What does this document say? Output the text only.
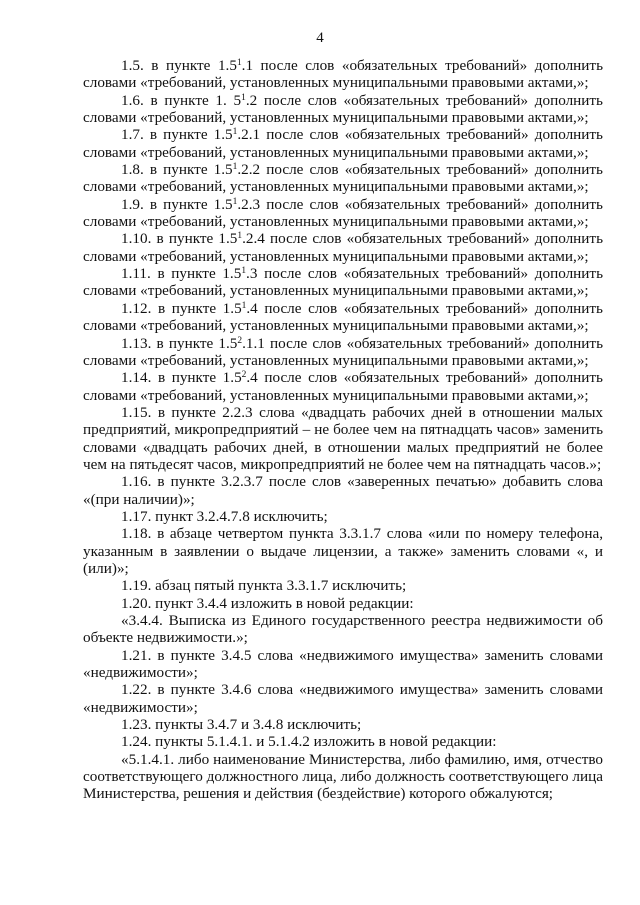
4

1.5. в пункте $1.5^1.1$ после слов «обязательных требований» дополнить словами «требований, установленных муниципальными правовыми актами,»;

1.6. в пункте 1. $5^1.2$ после слов «обязательных требований» дополнить словами «требований, установленных муниципальными правовыми актами,»;

1.7. в пункте $1.5^1.2.1$ после слов «обязательных требований» дополнить словами «требований, установленных муниципальными правовыми актами,»;

1.8. в пункте $1.5^1.2.2$ после слов «обязательных требований» дополнить словами «требований, установленных муниципальными правовыми актами,»;

1.9. в пункте $1.5^1.2.3$ после слов «обязательных требований» дополнить словами «требований, установленных муниципальными правовыми актами,»;

1.10. в пункте $1.5^1.2.4$ после слов «обязательных требований» дополнить словами «требований, установленных муниципальными правовыми актами,»;

1.11. в пункте $1.5^1.3$ после слов «обязательных требований» дополнить словами «требований, установленных муниципальными правовыми актами,»;

1.12. в пункте $1.5^1.4$ после слов «обязательных требований» дополнить словами «требований, установленных муниципальными правовыми актами,»;

1.13. в пункте $1.5^2.1.1$ после слов «обязательных требований» дополнить словами «требований, установленных муниципальными правовыми актами,»;

1.14. в пункте $1.5^2.4$ после слов «обязательных требований» дополнить словами «требований, установленных муниципальными правовыми актами,»;

1.15. в пункте 2.2.3 слова «двадцать рабочих дней в отношении малых предприятий, микропредприятий – не более чем на пятнадцать часов» заменить словами «двадцать рабочих дней, в отношении малых предприятий не более чем на пятьдесят часов, микропредприятий не более чем на пятнадцать часов.»;

1.16. в пункте 3.2.3.7 после слов «заверенных печатью» добавить слова «(при наличии)»;

1.17. пункт 3.2.4.7.8 исключить;

1.18. в абзаце четвертом пункта 3.3.1.7 слова «или по номеру телефона, указанным в заявлении о выдаче лицензии, а также» заменить словами «, и (или)»;

1.19. абзац пятый пункта 3.3.1.7 исключить;

1.20. пункт 3.4.4 изложить в новой редакции:

«3.4.4. Выписка из Единого государственного реестра недвижимости об объекте недвижимости.»;

1.21. в пункте 3.4.5 слова «недвижимого имущества» заменить словами «недвижимости»;

1.22. в пункте 3.4.6 слова «недвижимого имущества» заменить словами «недвижимости»;

1.23. пункты 3.4.7 и 3.4.8 исключить;

1.24. пункты 5.1.4.1. и 5.1.4.2 изложить в новой редакции:

«5.1.4.1. либо наименование Министерства, либо фамилию, имя, отчество соответствующего должностного лица, либо должность соответствующего лица Министерства, решения и действия (бездействие) которого обжалуются;
